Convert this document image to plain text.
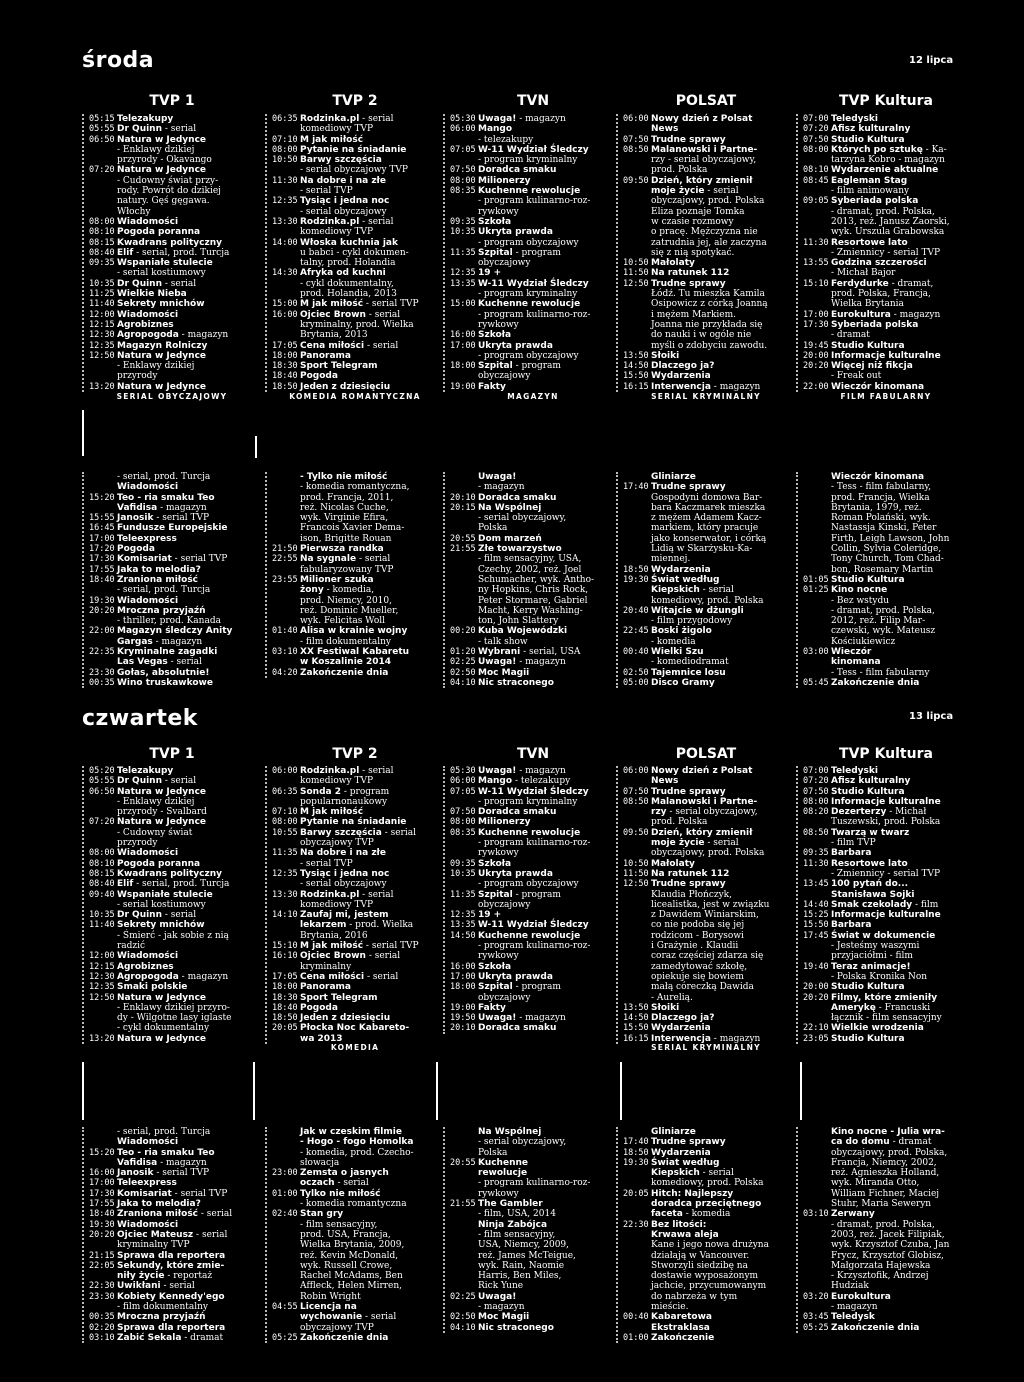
środa	12 lipca
TVP 1
SERIAL OBYCZAJOWY
05:15 Telezakupy
05:55 Dr Quinn - serial
06:50 Natura w Jedynce
- Enklawy dzikiej
przyrody - Okavango
07:20 Natura w Jedynce
- Cudowny świat przy-
rody. Powrót do dzikiej
natury. Gęś gęgawa.
Włochy
08:00 Wiadomości
08:10 Pogoda poranna
08:15 Kwadrans polityczny
08:40 Elif - serial, prod. Turcja
09:35 Wspaniałe stulecie
- serial kostiumowy
10:35 Dr Quinn - serial
11:25 Wielkie Nieba
11:40 Sekrety mnichów
12:00 Wiadomości
12:15 Agrobiznes
12:30 Agropogoda - magazyn
12:35 Magazyn Rolniczy
12:50 Natura w Jedynce
- Enklawy dzikiej
przyrody
13:20 Natura w Jedynce
- serial, prod. Turcja
Wiadomości
15:20 Teo - ria smaku Teo
Vafidisa - magazyn
15:55 Janosik - serial TVP
16:45 Fundusze Europejskie
17:00 Teleexpress
17:20 Pogoda
17:30 Komisariat - serial TVP
17:55 Jaka to melodia?
18:40 Zraniona miłość
- serial, prod. Turcja
19:30 Wiadomości
20:20 Mroczna przyjaźń
- thriller, prod. Kanada
22:00 Magazyn śledczy Anity
Gargas - magazyn
22:35 Kryminalne zagadki
Las Vegas - serial
23:30 Gołas, absolutnie!
00:35 Wino truskawkowe
TVP 2
KOMEDIA ROMANTYCZNA
06:35 Rodzinka.pl - serial
komediowy TVP
07:10 M jak miłość
08:00 Pytanie na śniadanie
10:50 Barwy szczęścia
- serial obyczajowy TVP
11:30 Na dobre i na złe
- serial TVP
12:35 Tysiąc i jedna noc
- serial obyczajowy
13:30 Rodzinka.pl - serial
komediowy TVP
14:00 Włoska kuchnia jak
u babci - cykl dokumen-
talny, prod. Holandia
14:30 Afryka od kuchni
- cykl dokumentalny,
prod. Holandia, 2013
15:00 M jak miłość - serial TVP
16:00 Ojciec Brown - serial
kryminalny, prod. Wielka
Brytania, 2013
17:05 Cena miłości - serial
18:00 Panorama
18:30 Sport Telegram
18:40 Pogoda
18:50 Jeden z dziesięciu
- Tylko nie miłość
- komedia romantyczna,
prod. Francja, 2011,
reż. Nicolas Cuche,
wyk. Virginie Efira,
Francois Xavier Dema-
ison, Brigitte Rouan
21:50 Pierwsza randka
22:55 Na sygnale - serial
fabularyzowany TVP
23:55 Milioner szuka
żony - komedia,
prod. Niemcy, 2010,
reż. Dominic Mueller,
wyk. Felicitas Woll
01:40 Alisa w krainie wojny
- film dokumentalny
03:10 XX Festiwal Kabaretu
w Koszalinie 2014
04:20 Zakończenie dnia
TVN
MAGAZYN
05:30 Uwaga! - magazyn
06:00 Mango
- telezakupy
07:05 W-11 Wydział Śledczy
- program kryminalny
07:50 Doradca smaku
08:00 Milionerzy
08:35 Kuchenne rewolucje
- program kulinarno-roz-
rywkowy
09:35 Szkoła
10:35 Ukryta prawda
- program obyczajowy
11:35 Szpital - program
obyczajowy
12:35 19 +
13:35 W-11 Wydział Śledczy
- program kryminalny
15:00 Kuchenne rewolucje
- program kulinarno-roz-
rywkowy
16:00 Szkoła
17:00 Ukryta prawda
- program obyczajowy
18:00 Szpital - program
obyczajowy
19:00 Fakty
Uwaga!
- magazyn
20:10 Doradca smaku
20:15 Na Wspólnej
- serial obyczajowy,
Polska
20:55 Dom marzeń
21:55 Złe towarzystwo
- film sensacyjny, USA,
Czechy, 2002, reż. Joel
Schumacher, wyk. Antho-
ny Hopkins, Chris Rock,
Peter Stormare, Gabriel
Macht, Kerry Washing-
ton, John Slattery
00:20 Kuba Wojewódzki
- talk show
01:20 Wybrani - serial, USA
02:25 Uwaga! - magazyn
02:50 Moc Magii
04:10 Nic straconego
POLSAT
SERIAL KRYMINALNY
06:00 Nowy dzień z Polsat
News
07:50 Trudne sprawy
08:50 Malanowski i Partne-
rzy - serial obyczajowy,
prod. Polska
09:50 Dzień, który zmienił
moje życie - serial
obyczajowy, prod. Polska
Eliza poznaje Tomka
w czasie rozmowy
o pracę. Mężczyzna nie
zatrudnia jej, ale zaczyna
się z nią spotykać.
10:50 Małolaty
11:50 Na ratunek 112
12:50 Trudne sprawy
Łódź. Tu mieszka Kamila
Osipowicz z córką Joanną
i mężem Markiem.
Joanna nie przykłada się
do nauki i w ogóle nie
myśli o zdobyciu zawodu.
13:50 Słoiki
14:50 Dlaczego ja?
15:50 Wydarzenia
16:15 Interwencja - magazyn
Gliniarze
17:40 Trudne sprawy
Gospodyni domowa Bar-
bara Kaczmarek mieszka
z mężem Adamem Kacz-
markiem, który pracuje
jako konserwator, i córką
Lidią w Skarżysku-Ka-
miennej.
18:50 Wydarzenia
19:30 Świat według
Kiepskich - serial
komediowy, prod. Polska
20:40 Witajcie w dżungli
- film przygodowy
22:45 Boski żigolo
- komedia
00:40 Wielki Szu
- komediodramat
02:50 Tajemnice losu
05:00 Disco Gramy
TVP Kultura
FILM FABULARNY
07:00 Teledyski
07:20 Afisz kulturalny
07:50 Studio Kultura
08:00 Których po sztukę - Ka-
tarzyna Kobro - magazyn
08:10 Wydarzenie aktualne
08:45 Eagleman Stag
- film animowany
09:05 Syberiada polska
- dramat, prod. Polska,
2013, reż. Janusz Zaorski,
wyk. Urszula Grabowska
11:30 Resortowe lato
- Zmiennicy - serial TVP
13:55 Godzina szczerości
- Michał Bajor
15:10 Ferdydurke - dramat,
prod. Polska, Francja,
Wielka Brytania
17:00 Eurokultura - magazyn
17:30 Syberiada polska
- dramat
19:45 Studio Kultura
20:00 Informacje kulturalne
20:20 Więcej niż fikcja
- Freak out
22:00 Wieczór kinomana
Wieczór kinomana
- Tess - film fabularny,
prod. Francja, Wielka
Brytania, 1979, reż.
Roman Polański, wyk.
Nastassja Kinski, Peter
Firth, Leigh Lawson, John
Collin, Sylvia Coleridge,
Tony Church, Tom Chad-
bon, Rosemary Martin
01:05 Studio Kultura
01:25 Kino nocne
- Bez wstydu
- dramat, prod. Polska,
2012, reż. Filip Mar-
czewski, wyk. Mateusz
Kościukiewicz
03:00 Wieczór
kinomana
- Tess - film fabularny
05:45 Zakończenie dnia
czwartek	13 lipca
TVP 1
05:20 Telezakupy
05:55 Dr Quinn - serial
06:50 Natura w Jedynce
- Enklawy dzikiej
przyrody - Svalbard
07:20 Natura w Jedynce
- Cudowny świat
przyrody
08:00 Wiadomości
08:10 Pogoda poranna
08:15 Kwadrans polityczny
08:40 Elif - serial, prod. Turcja
09:40 Wspaniałe stulecie
- serial kostiumowy
10:35 Dr Quinn - serial
11:40 Sekrety mnichów
- Śmierć - jak sobie z nią
radzić
12:00 Wiadomości
12:15 Agrobiznes
12:30 Agropogoda - magazyn
12:35 Smaki polskie
12:50 Natura w Jedynce
- Enklawy dzikiej przyro-
dy - Wilgotne lasy iglaste
- cykl dokumentalny
13:20 Natura w Jedynce
- serial, prod. Turcja
Wiadomości
15:20 Teo - ria smaku Teo
Vafidisa - magazyn
16:00 Janosik - serial TVP
17:00 Teleexpress
17:30 Komisariat - serial TVP
17:55 Jaka to melodia?
18:40 Zraniona miłość - serial
19:30 Wiadomości
20:20 Ojciec Mateusz - serial
kryminalny TVP
21:15 Sprawa dla reportera
22:05 Sekundy, które zmie-
niły życie - reportaż
22:30 Uwikłani - serial
23:30 Kobiety Kennedy'ego
- film dokumentalny
00:35 Mroczna przyjaźń
02:20 Sprawa dla reportera
03:10 Zabić Sekala - dramat
TVP 2
KOMEDIA
06:00 Rodzinka.pl - serial
komediowy TVP
06:35 Sonda 2 - program
popularnonaukowy
07:10 M jak miłość
08:00 Pytanie na śniadanie
10:55 Barwy szczęścia - serial
obyczajowy TVP
11:35 Na dobre i na złe
- serial TVP
12:35 Tysiąc i jedna noc
- serial obyczajowy
13:30 Rodzinka.pl - serial
komediowy TVP
14:10 Zaufaj mi, jestem
lekarzem - prod. Wielka
Brytania, 2016
15:10 M jak miłość - serial TVP
16:10 Ojciec Brown - serial
kryminalny
17:05 Cena miłości - serial
18:00 Panorama
18:30 Sport Telegram
18:40 Pogoda
18:50 Jeden z dziesięciu
20:05 Płocka Noc Kabareto-
wa 2013
Jak w czeskim filmie
- Hogo - fogo Homolka
- komedia, prod. Czecho-
słowacja
23:00 Zemsta o jasnych
oczach - serial
01:00 Tylko nie miłość
- komedia romantyczna
02:40 Stan gry
- film sensacyjny,
prod. USA, Francja,
Wielka Brytania, 2009,
reż. Kevin McDonald,
wyk. Russell Crowe,
Rachel McAdams, Ben
Affleck, Helen Mirren,
Robin Wright
04:55 Licencja na
wychowanie - serial
obyczajowy TVP
05:25 Zakończenie dnia
TVN
05:30 Uwaga! - magazyn
06:00 Mango - telezakupy
07:05 W-11 Wydział Śledczy
- program kryminalny
07:50 Doradca smaku
08:00 Milionerzy
08:35 Kuchenne rewolucje
- program kulinarno-roz-
rywkowy
09:35 Szkoła
10:35 Ukryta prawda
- program obyczajowy
11:35 Szpital - program
obyczajowy
12:35 19 +
13:35 W-11 Wydział Śledczy
14:50 Kuchenne rewolucje
- program kulinarno-roz-
rywkowy
16:00 Szkoła
17:00 Ukryta prawda
18:00 Szpital - program
obyczajowy
19:00 Fakty
19:50 Uwaga! - magazyn
20:10 Doradca smaku
Na Wspólnej
- serial obyczajowy,
Polska
20:55 Kuchenne
rewolucje
- program kulinarno-roz-
rywkowy
21:55 The Gambler
- film, USA, 2014
Ninja Zabójca
- film sensacyjny,
USA, Niemcy, 2009,
reż. James McTeigue,
wyk. Rain, Naomie
Harris, Ben Miles,
Rick Yune
02:25 Uwaga!
- magazyn
02:50 Moc Magii
04:10 Nic straconego
POLSAT
SERIAL KRYMINALNY
06:00 Nowy dzień z Polsat
News
07:50 Trudne sprawy
08:50 Malanowski i Partne-
rzy - serial obyczajowy,
prod. Polska
09:50 Dzień, który zmienił
moje życie - serial
obyczajowy, prod. Polska
10:50 Małolaty
11:50 Na ratunek 112
12:50 Trudne sprawy
Klaudia Płończyk,
licealistka, jest w związku
z Dawidem Winiarskim,
co nie podoba się jej
rodzicom - Borysowi
i Grażynie . Klaudii
coraz częściej zdarza się
zamedytować szkołę,
opiekuje się bowiem
małą córeczką Dawida
- Aurelią.
13:50 Słoiki
14:50 Dlaczego ja?
15:50 Wydarzenia
16:15 Interwencja - magazyn
Gliniarze
17:40 Trudne sprawy
18:50 Wydarzenia
19:30 Świat według
Kiepskich - serial
komediowy, prod. Polska
20:05 Hitch: Najlepszy
doradca przeciętnego
faceta - komedia
22:30 Bez litości:
Krwawa aleja
Kane i jego nowa drużyna
działają w Vancouver.
Stworzyli siedzibę na
dostawie wyposażonym
jachcie, przycumowanym
do nabrzeża w tym
mieście.
00:40 Kabaretowa
Ekstraklasa
01:00 Zakończenie
TVP Kultura
07:00 Teledyski
07:20 Afisz kulturalny
07:50 Studio Kultura
08:00 Informacje kulturalne
08:20 Dezerterzy - Michał
Tuszewski, prod. Polska
08:50 Twarzą w twarz
- film TVP
09:35 Barbara
11:30 Resortowe lato
- Zmiennicy - serial TVP
13:45 100 pytań do...
Stanisława Sojki
14:40 Smak czekolady - film
15:25 Informacje kulturalne
15:50 Barbara
17:45 Świat w dokumencie
- Jesteśmy waszymi
przyjaciółmi - film
19:40 Teraz animacje!
- Polska Kronika Non
20:00 Studio Kultura
20:20 Filmy, które zmieniły
Amerykę - Francuski
łącznik - film sensacyjny
22:10 Wielkie wrodzenia
23:05 Studio Kultura
Kino nocne - Julia wra-
ca do domu - dramat
obyczajowy, prod. Polska,
Francja, Niemcy, 2002,
reż. Agnieszka Holland,
wyk. Miranda Otto,
William Fichner, Maciej
Stuhr, Maria Seweryn
03:10 Zerwany
- dramat, prod. Polska,
2003, reż. Jacek Filipiak,
wyk. Krzysztof Czuba, Jan
Frycz, Krzysztof Globisz,
Małgorzata Hajewska
- Krzysztofik, Andrzej
Hudziak
03:20 Eurokultura
- magazyn
03:45 Teledysk
05:25 Zakończenie dnia
